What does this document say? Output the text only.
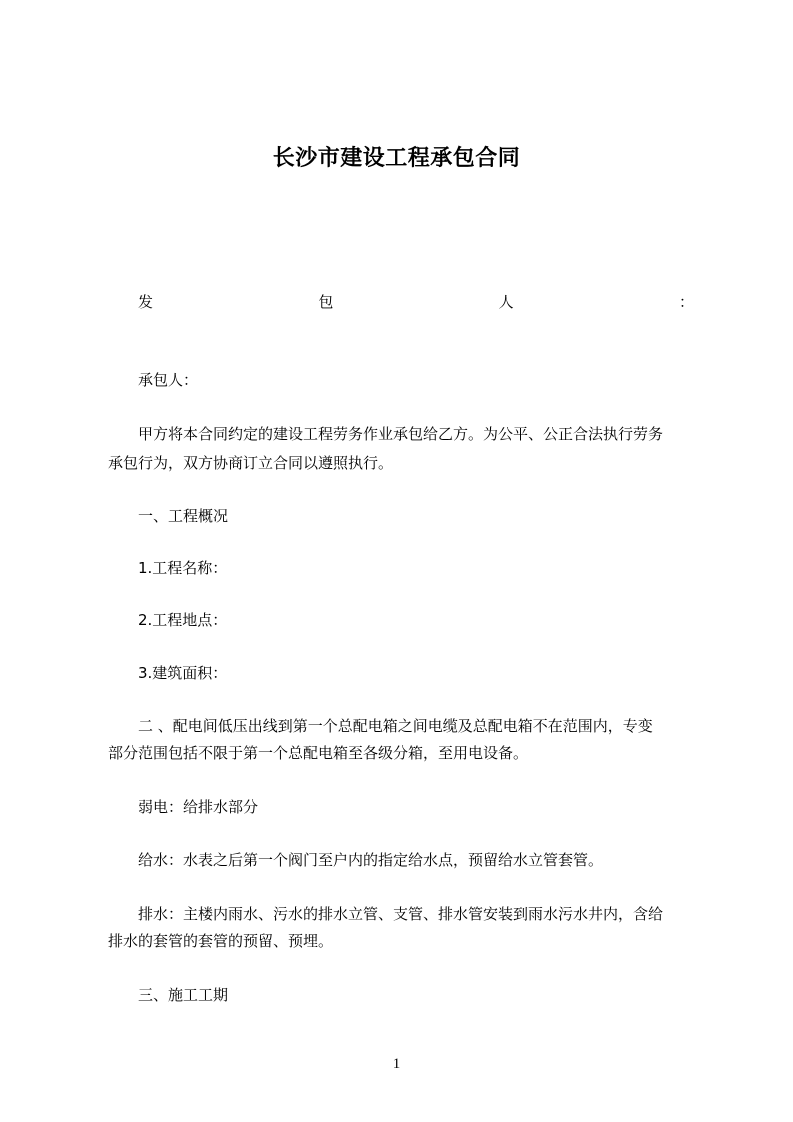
长沙市建设工程承包合同
发	包	人	：
承包人：
甲方将本合同约定的建设工程劳务作业承包给乙方。为公平、公正合法执行劳务
承包行为，双方协商订立合同以遵照执行。
一、工程概况
1.工程名称：
2.工程地点：
3.建筑面积：
二 、配电间低压出线到第一个总配电箱之间电缆及总配电箱不在范围内，专变
部分范围包括不限于第一个总配电箱至各级分箱，至用电设备。
弱电：给排水部分
给水：水表之后第一个阀门至户内的指定给水点，预留给水立管套管。
排水：主楼内雨水、污水的排水立管、支管、排水管安装到雨水污水井内，含给
排水的套管的套管的预留、预埋。
三、施工工期
1
